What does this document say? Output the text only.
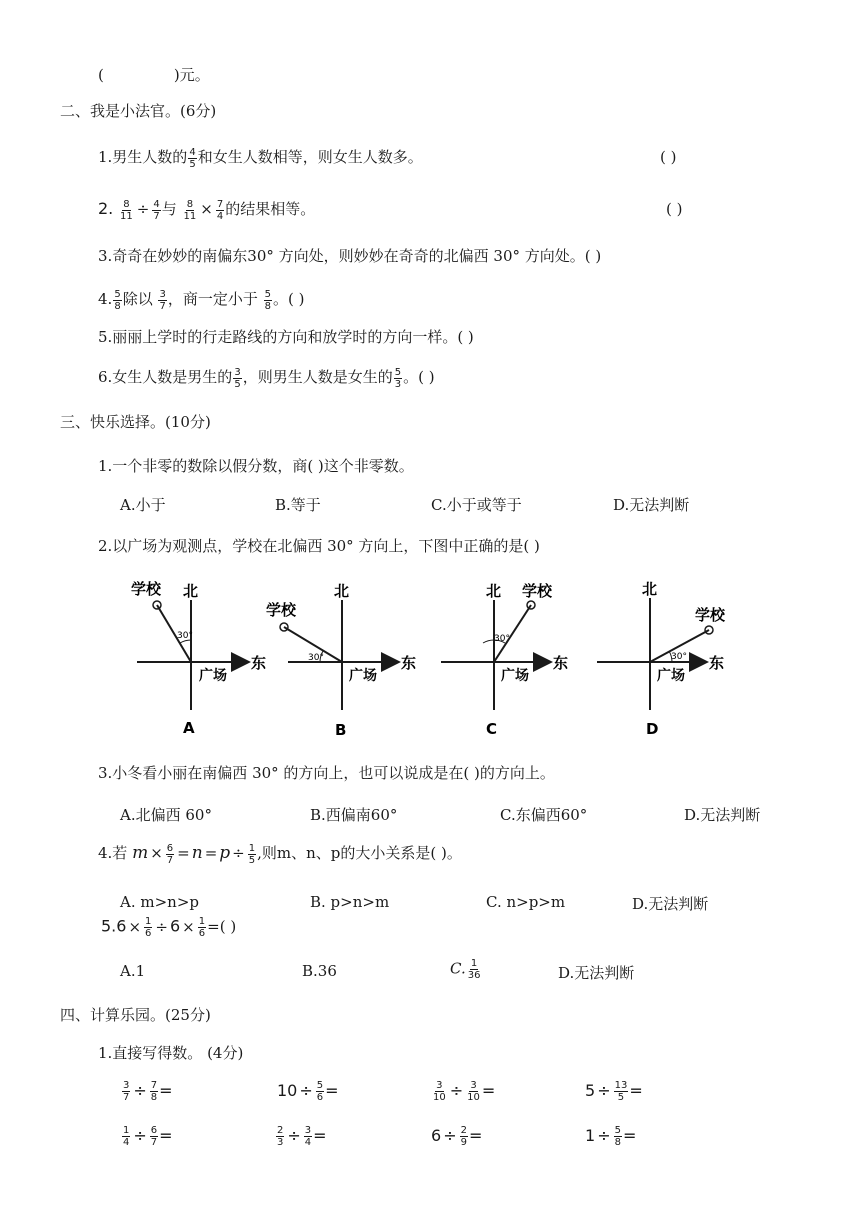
(	)元。
二、我是小法官。(6分)
1.男生人数的 $\frac{4}{5}$ 和女生人数相等，则女生人数多。	( )
2. $\frac{8}{11} \div \frac{4}{7}$ 与 $\frac{8}{11} \times \frac{7}{4}$ 的结果相等。	( )
3.奇奇在妙妙的南偏东30° 方向处，则妙妙在奇奇的北偏西 30° 方向处。( )
4. $\frac{5}{8}$ 除以 $\frac{3}{7}$ ，商一定小于 $\frac{5}{8}$ 。( )
5.丽丽上学时的行走路线的方向和放学时的方向一样。( )
6.女生人数是男生的 $\frac{3}{5}$ ，则男生人数是女生的 $\frac{5}{3}$ 。( )
三、快乐选择。(10分)
1.一个非零的数除以假分数，商( )这个非零数。
A.小于	B.等于	C.小于或等于	D.无法判断
2.以广场为观测点，学校在北偏西 30° 方向上，下图中正确的是( )
30°
学校 北
东
广场
A
30°
学校
北
东
广场
B
30°
学校
北
东
广场
C
30°
学校
北
东
广场
D
3.小冬看小丽在南偏西 30° 的方向上，也可以说成是在( )的方向上。
A.北偏西 60°	B.西偏南60°	C.东偏西60°	D.无法判断
4.若 $m \times \frac{6}{7} = n = p \div \frac{1}{5}$ ,则m、n、p的大小关系是( )。
A. m>n>p	B. p>n>m	C. n>p>m	D.无法判断
$5.6 \times \frac{1}{6} \div 6 \times \frac{1}{6}$ =( )
A.1	B.36	C. $\frac{1}{36}$	D.无法判断
四、计算乐园。(25分)
1.直接写得数。 (4分)
$\frac{3}{7} \div \frac{7}{8}$ =	$10 \div \frac{5}{6}$ =	$\frac{3}{10} \div \frac{3}{10}$ =	$5 \div \frac{13}{5}$ =
$\frac{1}{4} \div \frac{6}{7}$ =	$\frac{2}{3} \div \frac{3}{4}$ =	$6 \div \frac{2}{9}$ =	$1 \div \frac{5}{8}$ =
